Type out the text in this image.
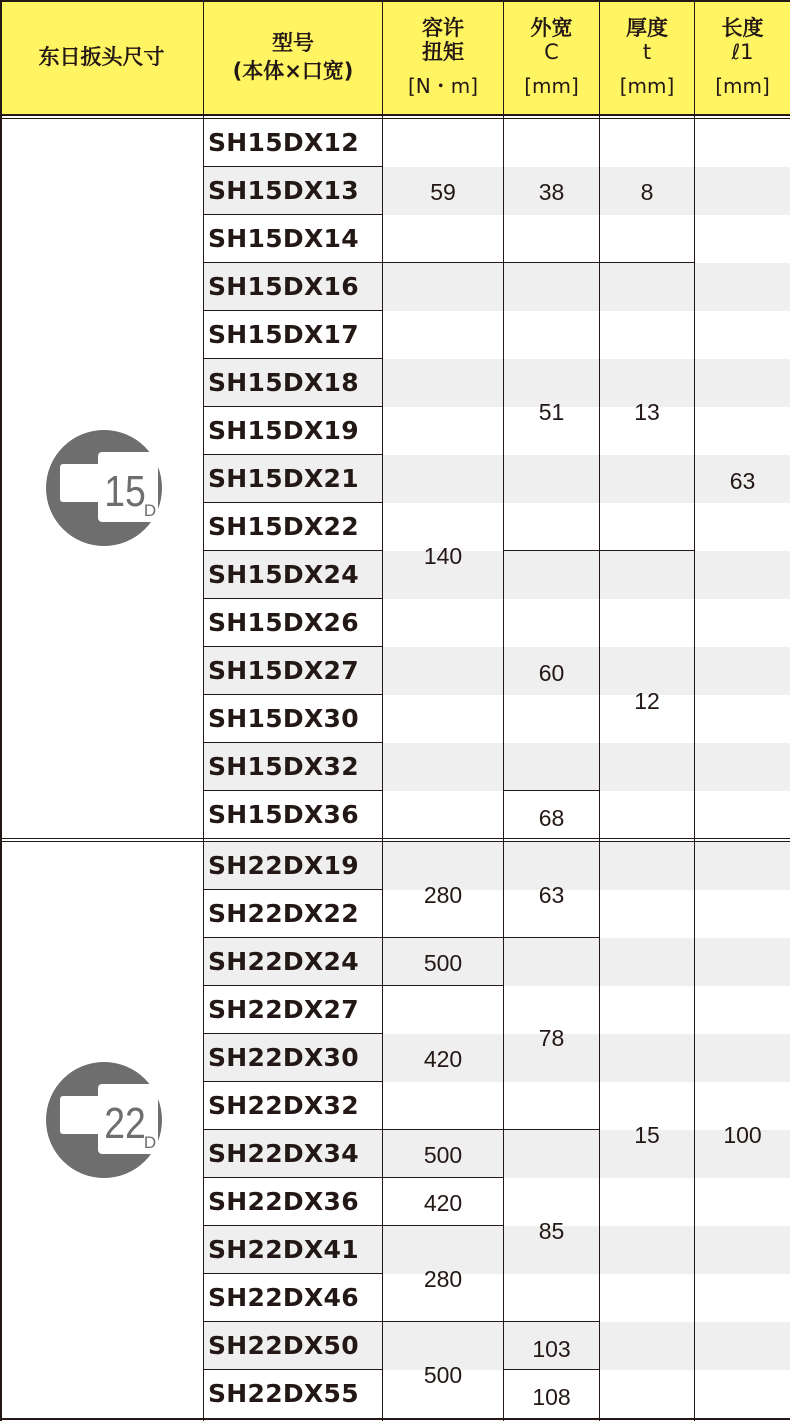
东日扳头尺寸
型号
(本体×口宽)
容许
扭矩
[N・m]
外宽
C
[mm]
厚度
t
[mm]
长度
ℓ1
[mm]
SH15DX12
SH15DX13
SH15DX14
SH15DX16
SH15DX17
SH15DX18
SH15DX19
SH15DX21
SH15DX22
SH15DX24
SH15DX26
SH15DX27
SH15DX30
SH15DX32
SH15DX36
SH22DX19
SH22DX22
SH22DX24
SH22DX27
SH22DX30
SH22DX32
SH22DX34
SH22DX36
SH22DX41
SH22DX46
SH22DX50
SH22DX55
59
140
280
500
420
500
420
280
500
38
51
60
68
63
78
85
103
108
8
13
12
15
63
100
15
D
22
D
